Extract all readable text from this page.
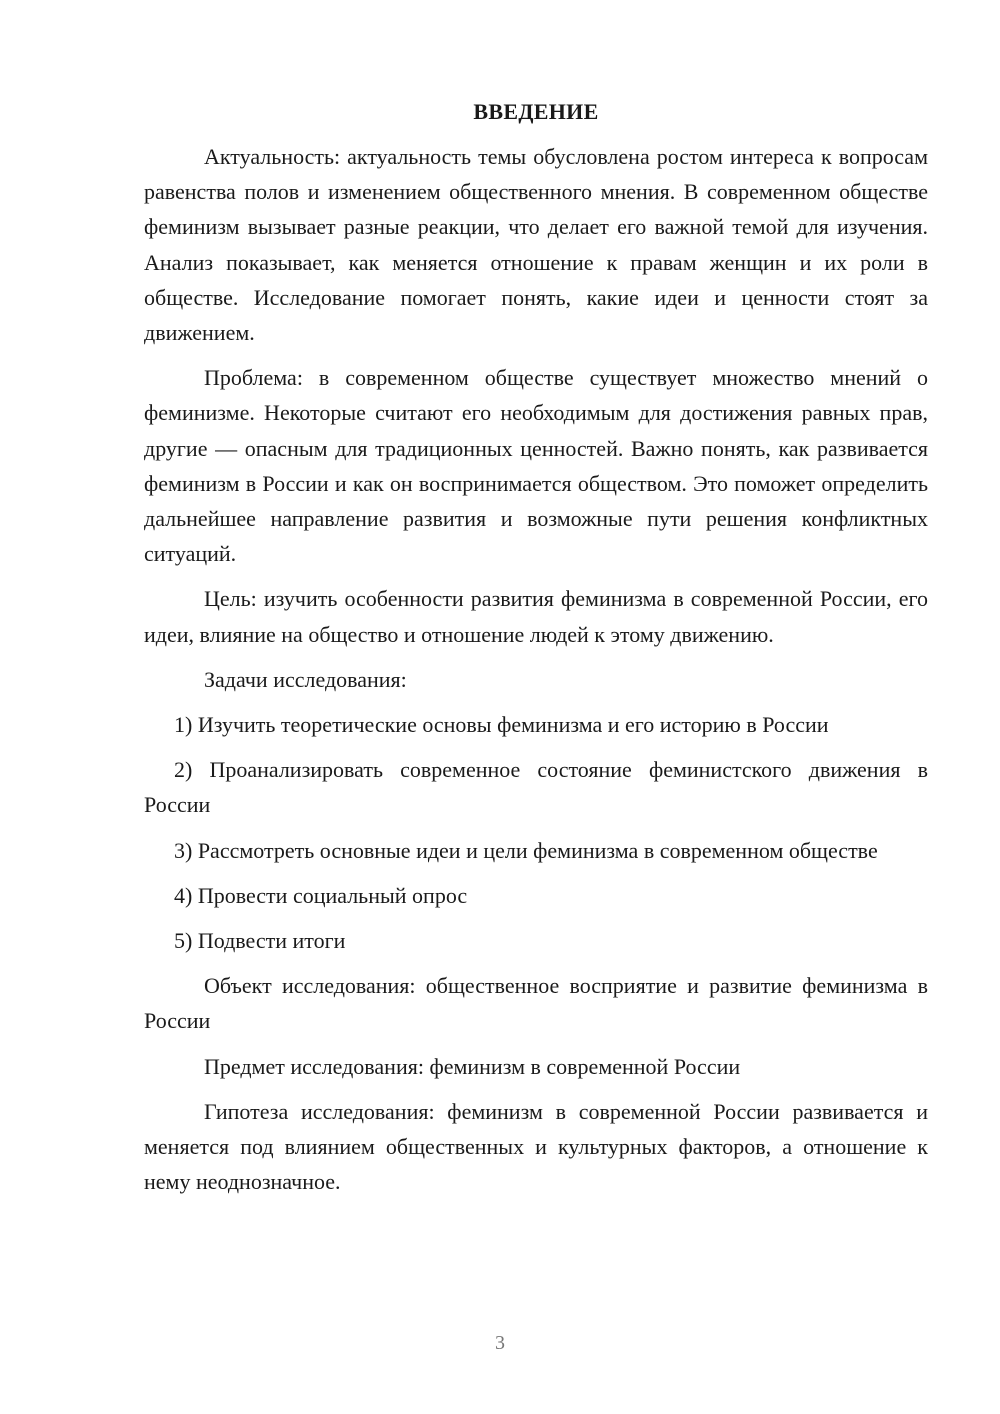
ВВЕДЕНИЕ

Актуальность: актуальность темы обусловлена ростом интереса к вопросам равенства полов и изменением общественного мнения. В современном обществе феминизм вызывает разные реакции, что делает его важной темой для изучения. Анализ показывает, как меняется отношение к правам женщин и их роли в обществе. Исследование помогает понять, какие идеи и ценности стоят за движением.

Проблема: в современном обществе существует множество мнений о феминизме. Некоторые считают его необходимым для достижения равных прав, другие — опасным для традиционных ценностей. Важно понять, как развивается феминизм в России и как он воспринимается обществом. Это поможет определить дальнейшее направление развития и возможные пути решения конфликтных ситуаций.

Цель: изучить особенности развития феминизма в современной России, его идеи, влияние на общество и отношение людей к этому движению.

Задачи исследования:

1) Изучить теоретические основы феминизма и его историю в России

2) Проанализировать современное состояние феминистского движения в России

3) Рассмотреть основные идеи и цели феминизма в современном обществе

4) Провести социальный опрос

5) Подвести итоги

Объект исследования: общественное восприятие и развитие феминизма в России

Предмет исследования: феминизм в современной России

Гипотеза исследования: феминизм в современной России развивается и меняется под влиянием общественных и культурных факторов, а отношение к нему неоднозначное.

3
